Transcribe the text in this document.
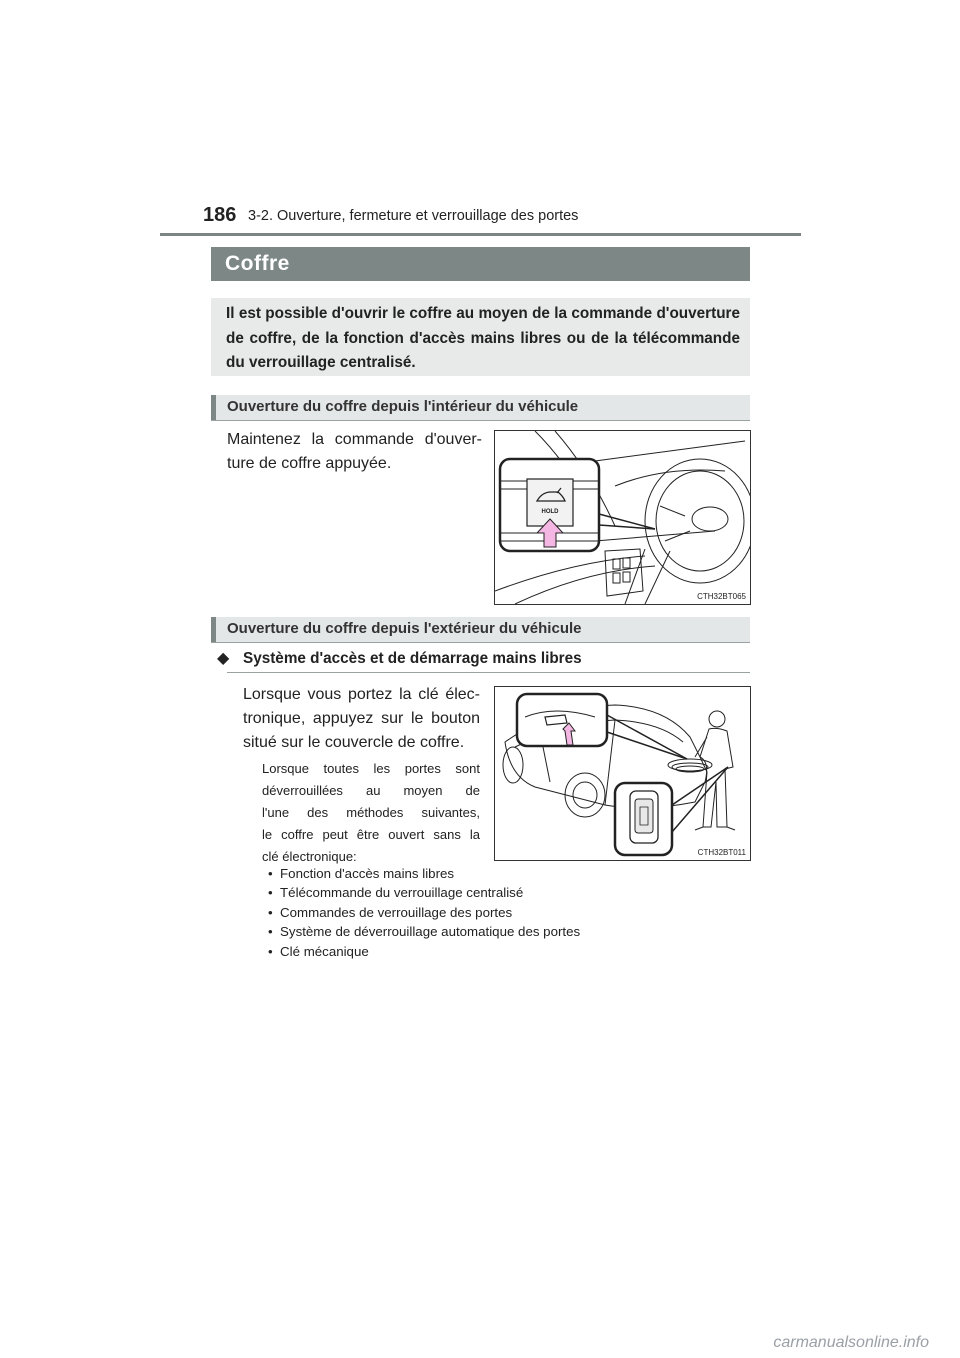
186 3-2. Ouverture, fermeture et verrouillage des portes
Coffre

Il est possible d'ouvrir le coffre au moyen de la commande d'ouverture de coffre, de la fonction d'accès mains libres ou de la télécommande du verrouillage centralisé.

Ouverture du coffre depuis l'intérieur du véhicule
Maintenez la commande d'ouver-
ture de coffre appuyée.
HOLD
CTH32BT065
Ouverture du coffre depuis l'extérieur du véhicule
◆ Système d'accès et de démarrage mains libres
Lorsque vous portez la clé élec-
tronique, appuyez sur le bouton
situé sur le couvercle de coffre.
Lorsque toutes les portes sont
déverrouillées au moyen de
l'une des méthodes suivantes,
le coffre peut être ouvert sans la
clé électronique:
•  Fonction d'accès mains libres
•  Télécommande du verrouillage centralisé
•  Commandes de verrouillage des portes
•  Système de déverrouillage automatique des portes
•  Clé mécanique
CTH32BT011
carmanualsonline.info
